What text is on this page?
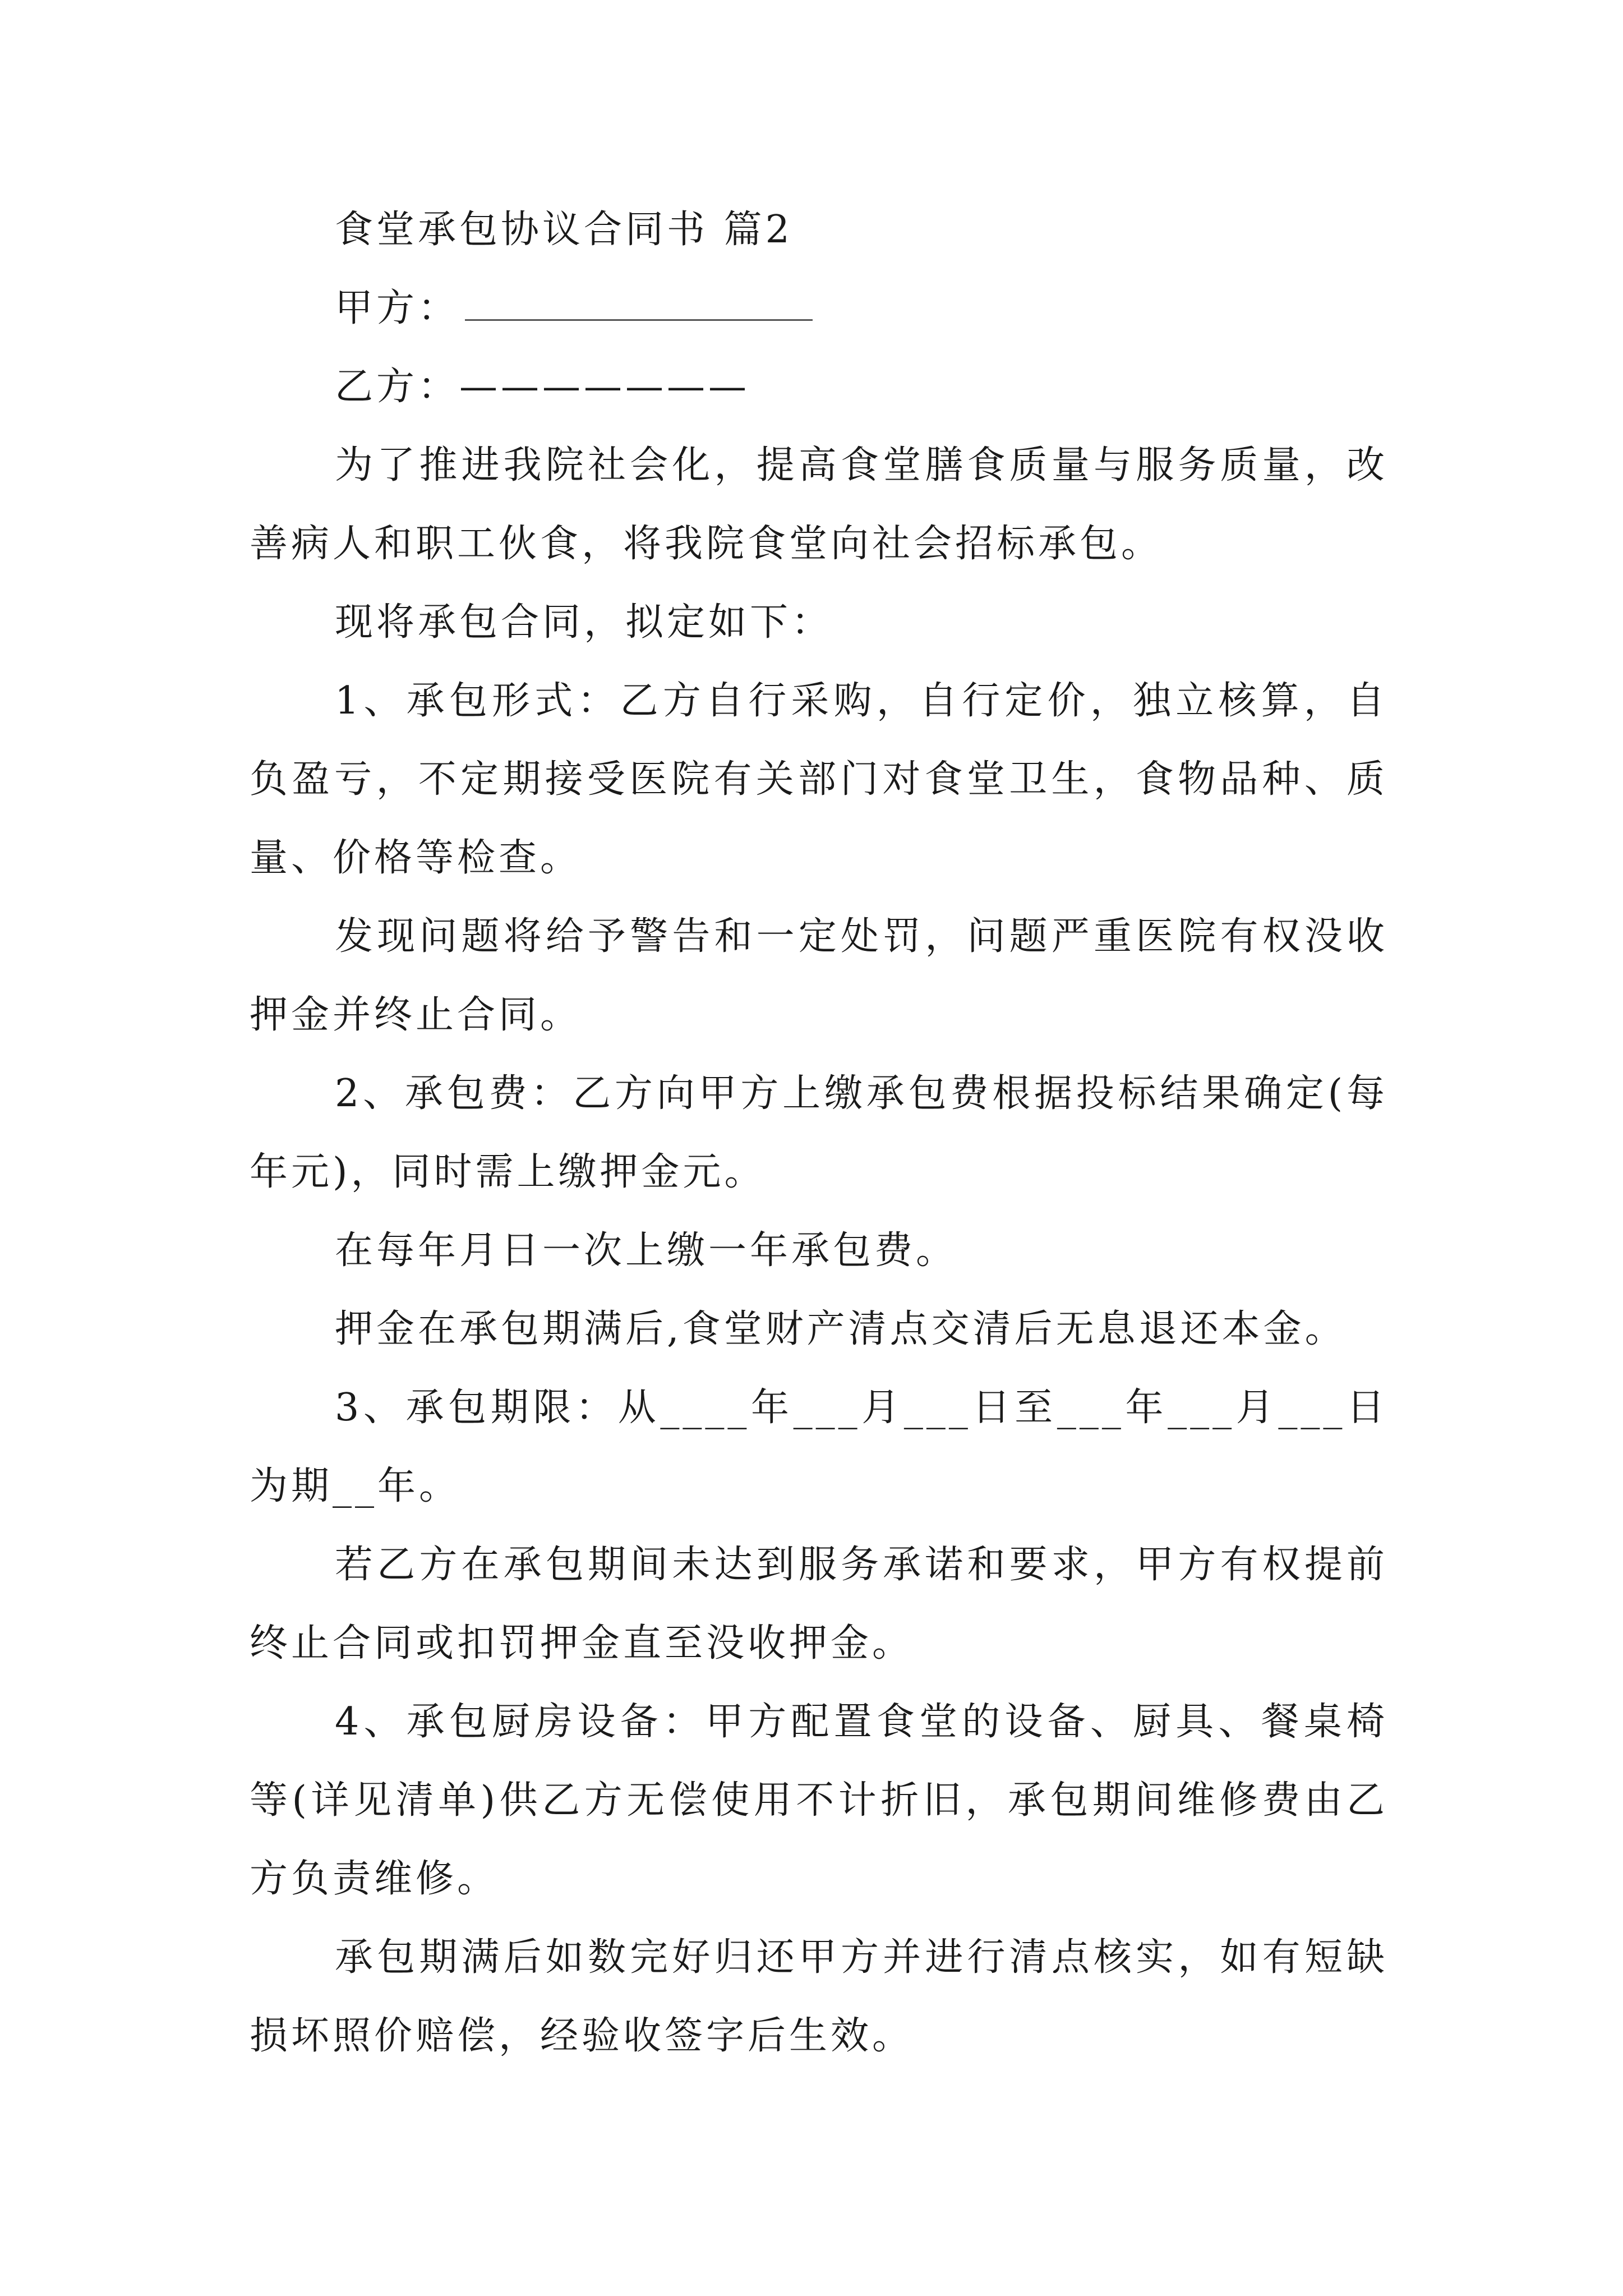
食堂承包协议合同书 篇2

甲方：

乙方：———————

为了推进我院社会化，提高食堂膳食质量与服务质量，改善病人和职工伙食，将我院食堂向社会招标承包。

现将承包合同，拟定如下：

1、承包形式：乙方自行采购，自行定价，独立核算，自负盈亏，不定期接受医院有关部门对食堂卫生，食物品种、质量、价格等检查。

发现问题将给予警告和一定处罚，问题严重医院有权没收押金并终止合同。

2、承包费：乙方向甲方上缴承包费根据投标结果确定(每年元)，同时需上缴押金元。

在每年月日一次上缴一年承包费。

押金在承包期满后,食堂财产清点交清后无息退还本金。

3、承包期限：从____年___月___日至___年___月___日为期__年。

若乙方在承包期间未达到服务承诺和要求，甲方有权提前终止合同或扣罚押金直至没收押金。

4、承包厨房设备：甲方配置食堂的设备、厨具、餐桌椅等(详见清单)供乙方无偿使用不计折旧，承包期间维修费由乙方负责维修。

承包期满后如数完好归还甲方并进行清点核实，如有短缺损坏照价赔偿，经验收签字后生效。
